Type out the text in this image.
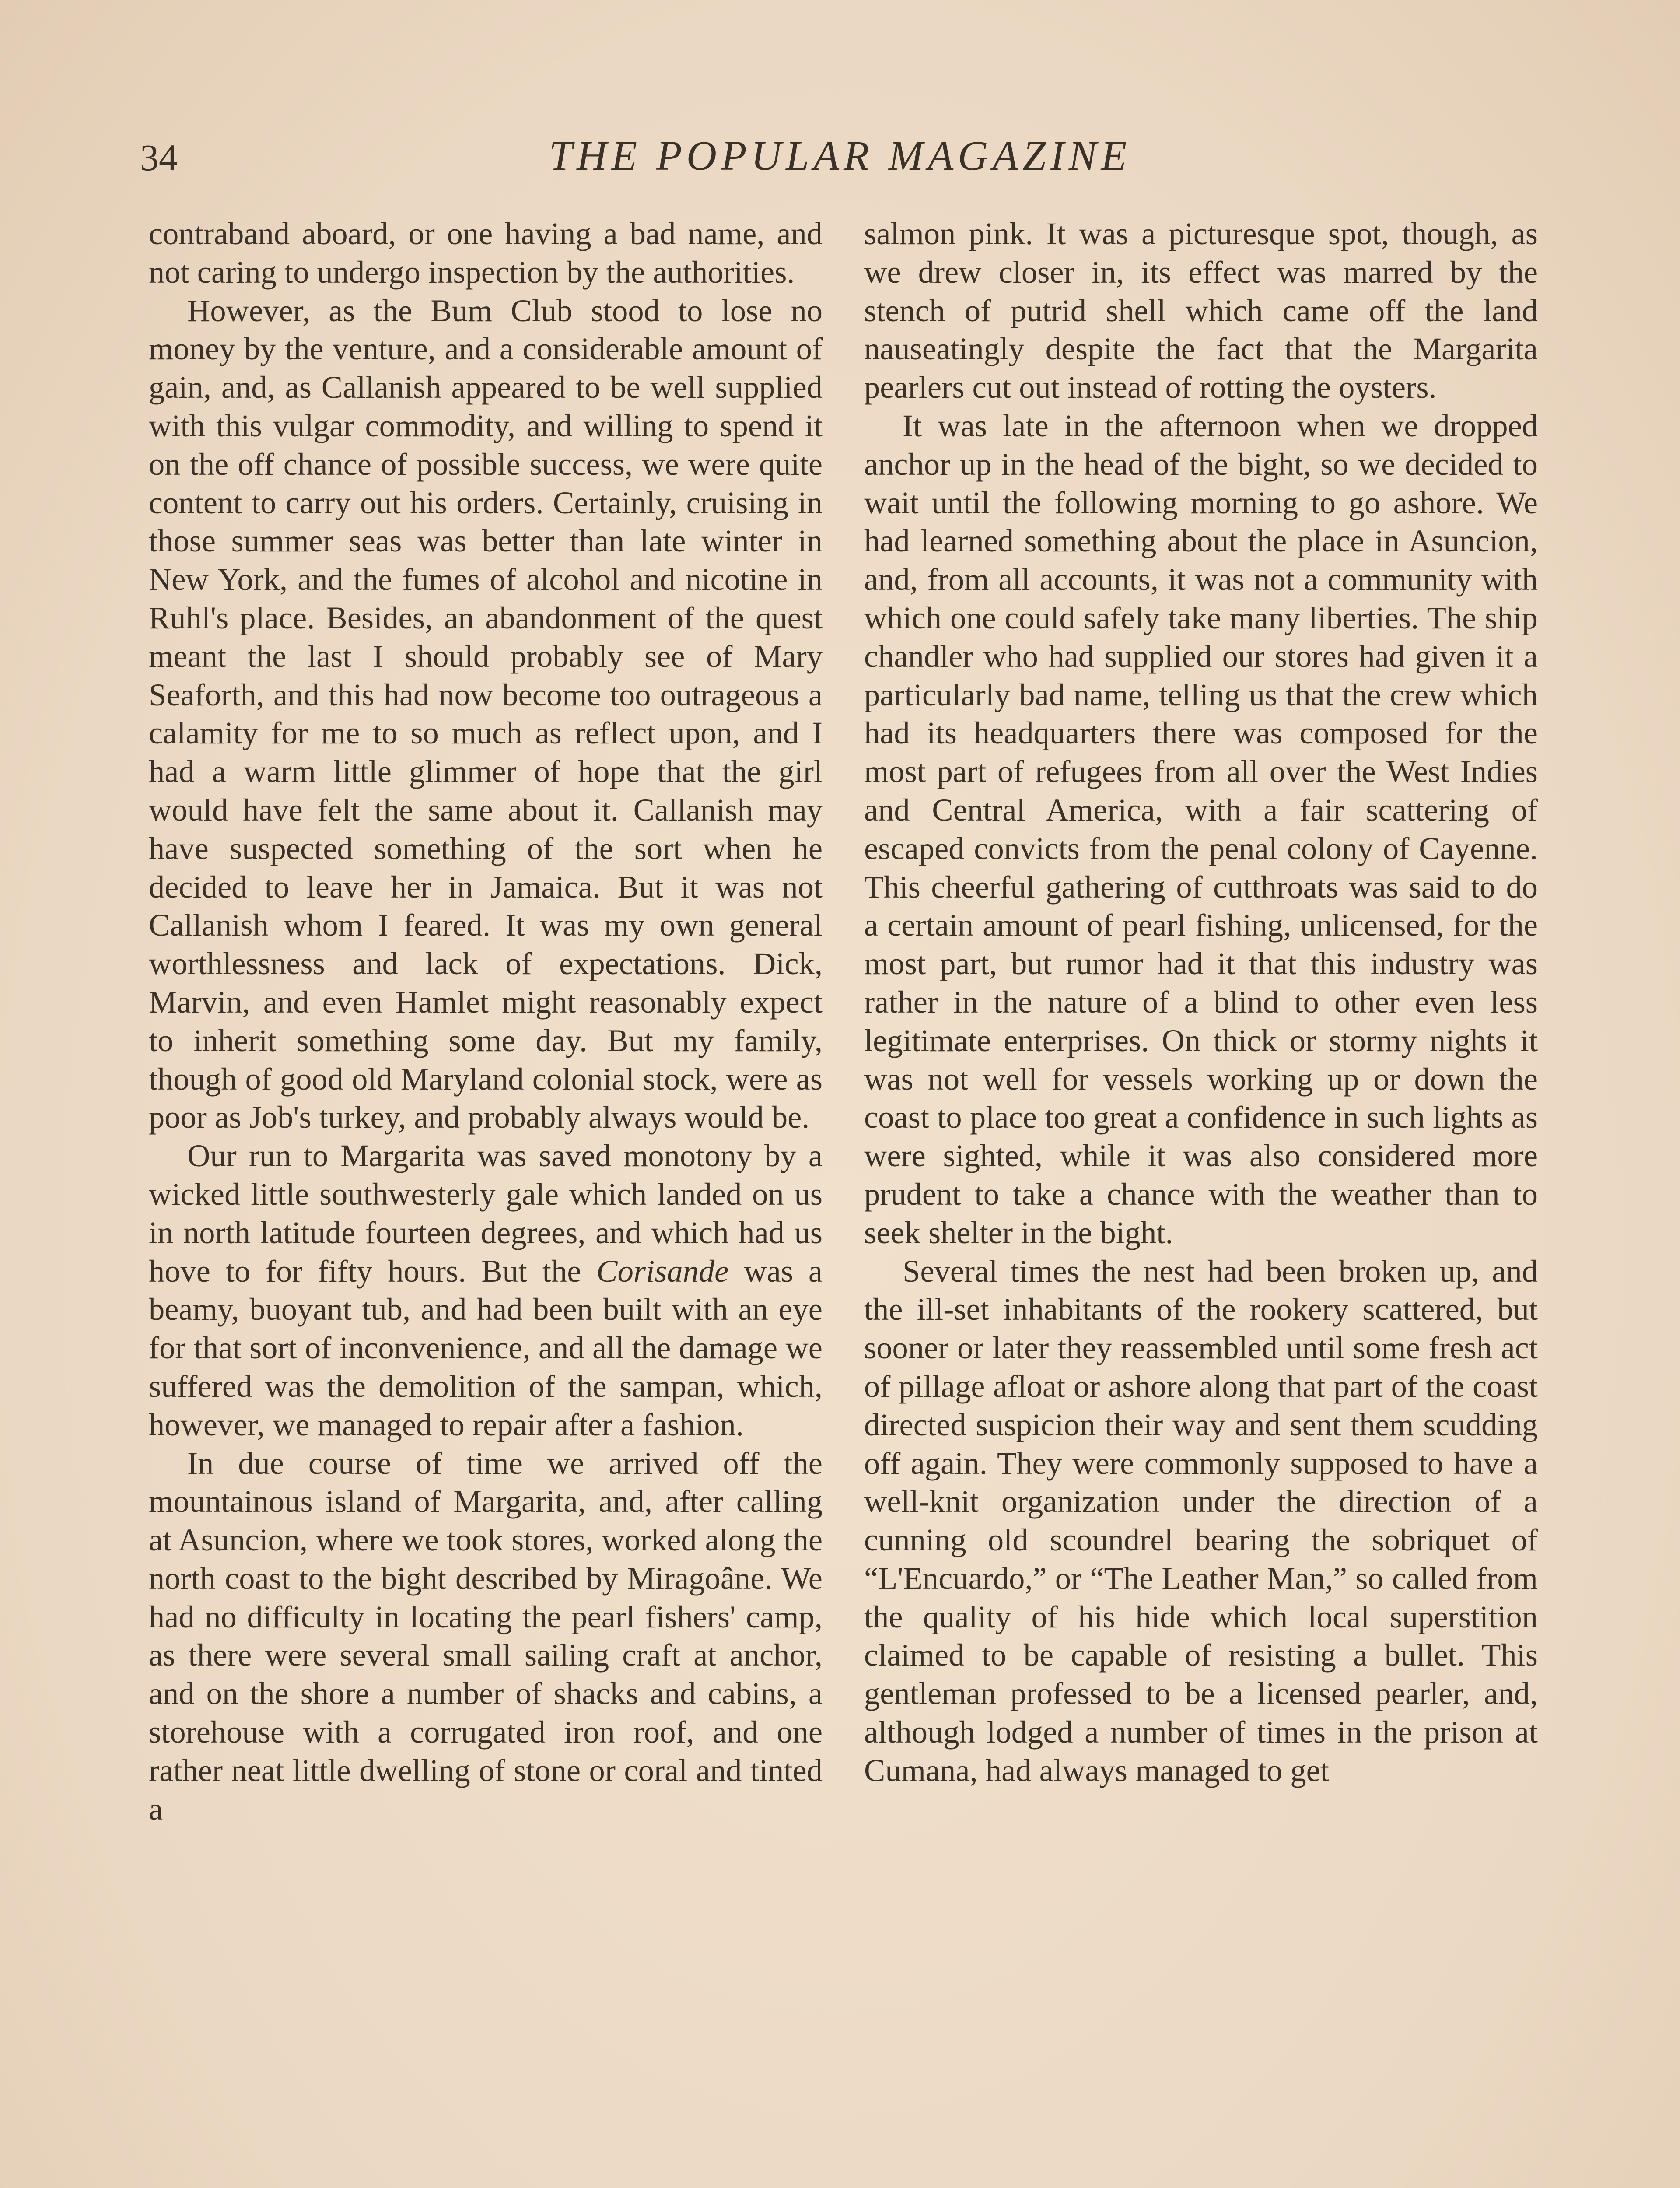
34	THE POPULAR MAGAZINE

contraband aboard, or one having a bad name, and not caring to undergo inspection by the authorities.

However, as the Bum Club stood to lose no money by the venture, and a considerable amount of gain, and, as Callanish appeared to be well supplied with this vulgar commodity, and willing to spend it on the off chance of possible success, we were quite content to carry out his orders. Certainly, cruising in those summer seas was better than late winter in New York, and the fumes of alcohol and nicotine in Ruhl's place. Besides, an abandonment of the quest meant the last I should probably see of Mary Seaforth, and this had now become too outrageous a calamity for me to so much as reflect upon, and I had a warm little glimmer of hope that the girl would have felt the same about it. Callanish may have suspected something of the sort when he decided to leave her in Jamaica. But it was not Callanish whom I feared. It was my own general worthlessness and lack of expectations. Dick, Marvin, and even Hamlet might reasonably expect to inherit something some day. But my family, though of good old Maryland colonial stock, were as poor as Job's turkey, and probably always would be.

Our run to Margarita was saved monotony by a wicked little southwesterly gale which landed on us in north latitude fourteen degrees, and which had us hove to for fifty hours. But the Corisande was a beamy, buoyant tub, and had been built with an eye for that sort of inconvenience, and all the damage we suffered was the demolition of the sampan, which, however, we managed to repair after a fashion.

In due course of time we arrived off the mountainous island of Margarita, and, after calling at Asuncion, where we took stores, worked along the north coast to the bight described by Miragoâne. We had no difficulty in locating the pearl fishers' camp, as there were several small sailing craft at anchor, and on the shore a number of shacks and cabins, a storehouse with a corrugated iron roof, and one rather neat little dwelling of stone or coral and tinted a

salmon pink. It was a picturesque spot, though, as we drew closer in, its effect was marred by the stench of putrid shell which came off the land nauseatingly despite the fact that the Margarita pearlers cut out instead of rotting the oysters.

It was late in the afternoon when we dropped anchor up in the head of the bight, so we decided to wait until the following morning to go ashore. We had learned something about the place in Asuncion, and, from all accounts, it was not a community with which one could safely take many liberties. The ship chandler who had supplied our stores had given it a particularly bad name, telling us that the crew which had its headquarters there was composed for the most part of refugees from all over the West Indies and Central America, with a fair scattering of escaped convicts from the penal colony of Cayenne. This cheerful gathering of cutthroats was said to do a certain amount of pearl fishing, unlicensed, for the most part, but rumor had it that this industry was rather in the nature of a blind to other even less legitimate enterprises. On thick or stormy nights it was not well for vessels working up or down the coast to place too great a confidence in such lights as were sighted, while it was also considered more prudent to take a chance with the weather than to seek shelter in the bight.

Several times the nest had been broken up, and the ill-set inhabitants of the rookery scattered, but sooner or later they reassembled until some fresh act of pillage afloat or ashore along that part of the coast directed suspicion their way and sent them scudding off again. They were commonly supposed to have a well-knit organization under the direction of a cunning old scoundrel bearing the sobriquet of “L'Encuardo,” or “The Leather Man,” so called from the quality of his hide which local superstition claimed to be capable of resisting a bullet. This gentleman professed to be a licensed pearler, and, although lodged a number of times in the prison at Cumana, had always managed to get
